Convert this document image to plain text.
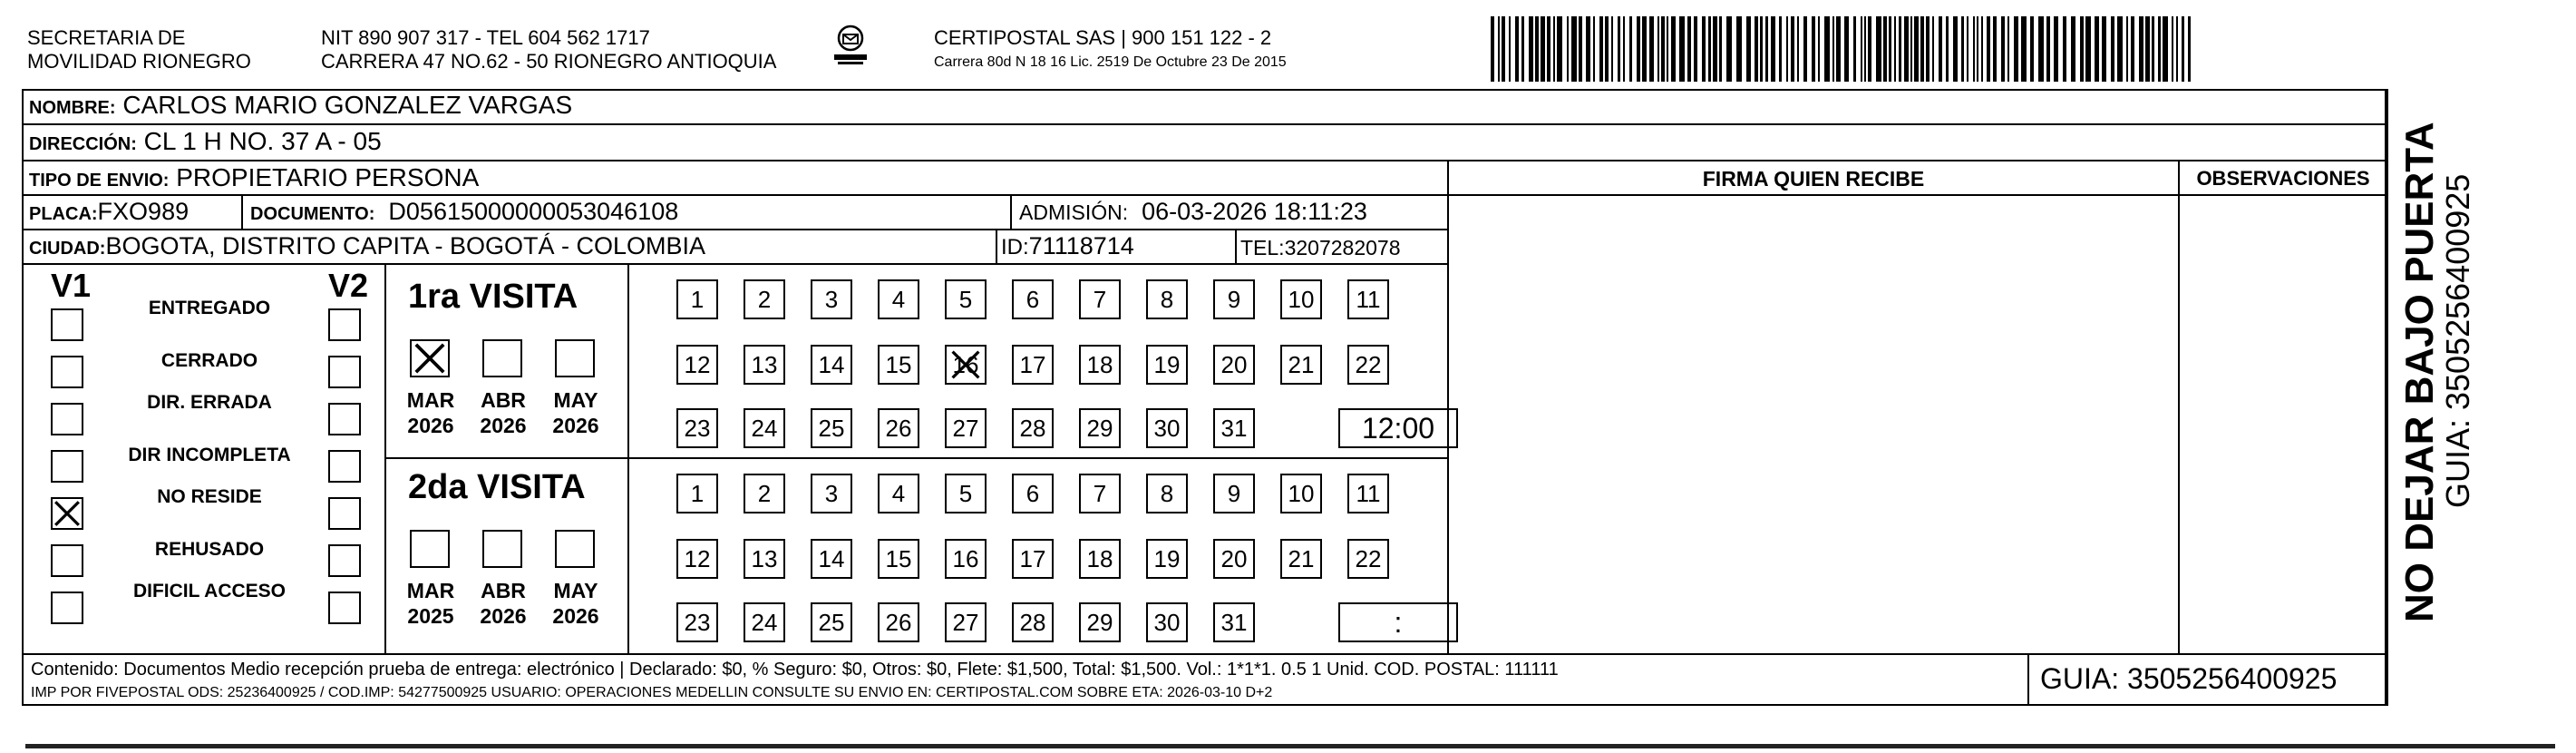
SECRETARIA DE
MOVILIDAD RIONEGRO
NIT 890 907 317 - TEL 604 562 1717
CARRERA 47 NO.62 - 50 RIONEGRO ANTIOQUIA
CERTIPOSTAL SAS | 900 151 122 - 2
Carrera 80d N 18 16 Lic. 2519 De Octubre 23 De 2015
NOMBRE: CARLOS MARIO GONZALEZ VARGAS
DIRECCIÓN: CL 1 H NO. 37 A - 05
TIPO DE ENVIO: PROPIETARIO PERSONA	FIRMA QUIEN RECIBE	OBSERVACIONES
PLACA:FXO989	DOCUMENTO: D05615000000053046108	ADMISIÓN: 06-03-2026 18:11:23
CIUDAD:BOGOTA, DISTRITO CAPITA - BOGOTÁ - COLOMBIA	ID:71118714	TEL:3207282078
V1	V2
ENTREGADO
CERRADO
DIR. ERRADA
DIR INCOMPLETA
NO RESIDE
REHUSADO
DIFICIL ACCESO
1ra VISITA
MAR
2026
ABR
2026
MAY
2026
1	2	3	4	5	6	7	8	9	10	11
12	13	14	15	16	17	18	19	20	21	22
23	24	25	26	27	28	29	30	31	12:00
2da VISITA
MAR
2025
ABR
2026
MAY
2026
1	2	3	4	5	6	7	8	9	10	11
12	13	14	15	16	17	18	19	20	21	22
23	24	25	26	27	28	29	30	31	:
Contenido: Documentos Medio recepción prueba de entrega: electrónico | Declarado: $0, % Seguro: $0, Otros: $0, Flete: $1,500, Total: $1,500. Vol.: 1*1*1. 0.5 1 Unid. COD. POSTAL: 111111
IMP POR FIVEPOSTAL ODS: 25236400925 / COD.IMP: 54277500925 USUARIO: OPERACIONES MEDELLIN CONSULTE SU ENVIO EN: CERTIPOSTAL.COM SOBRE ETA: 2026-03-10 D+2	GUIA: 3505256400925
NO DEJAR BAJO PUERTA
GUIA: 3505256400925
